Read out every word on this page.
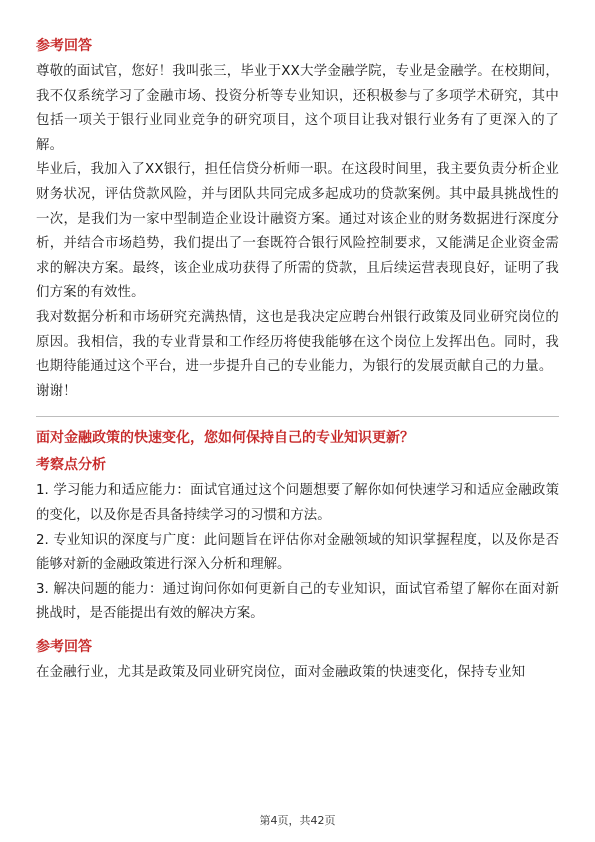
参考回答

尊敬的面试官，您好！我叫张三，毕业于XX大学金融学院，专业是金融学。在校期间，我不仅系统学习了金融市场、投资分析等专业知识，还积极参与了多项学术研究，其中包括一项关于银行业同业竞争的研究项目，这个项目让我对银行业务有了更深入的了解。

毕业后，我加入了XX银行，担任信贷分析师一职。在这段时间里，我主要负责分析企业财务状况，评估贷款风险，并与团队共同完成多起成功的贷款案例。其中最具挑战性的一次，是我们为一家中型制造企业设计融资方案。通过对该企业的财务数据进行深度分析，并结合市场趋势，我们提出了一套既符合银行风险控制要求，又能满足企业资金需求的解决方案。最终，该企业成功获得了所需的贷款，且后续运营表现良好，证明了我们方案的有效性。

我对数据分析和市场研究充满热情，这也是我决定应聘台州银行政策及同业研究岗位的原因。我相信，我的专业背景和工作经历将使我能够在这个岗位上发挥出色。同时，我也期待能通过这个平台，进一步提升自己的专业能力，为银行的发展贡献自己的力量。

谢谢！

面对金融政策的快速变化，您如何保持自己的专业知识更新？
考察点分析

1. 学习能力和适应能力：面试官通过这个问题想要了解你如何快速学习和适应金融政策的变化，以及你是否具备持续学习的习惯和方法。

2. 专业知识的深度与广度：此问题旨在评估你对金融领域的知识掌握程度，以及你是否能够对新的金融政策进行深入分析和理解。

3. 解决问题的能力：通过询问你如何更新自己的专业知识，面试官希望了解你在面对新挑战时，是否能提出有效的解决方案。

参考回答

在金融行业，尤其是政策及同业研究岗位，面对金融政策的快速变化，保持专业知

第4页，共42页
